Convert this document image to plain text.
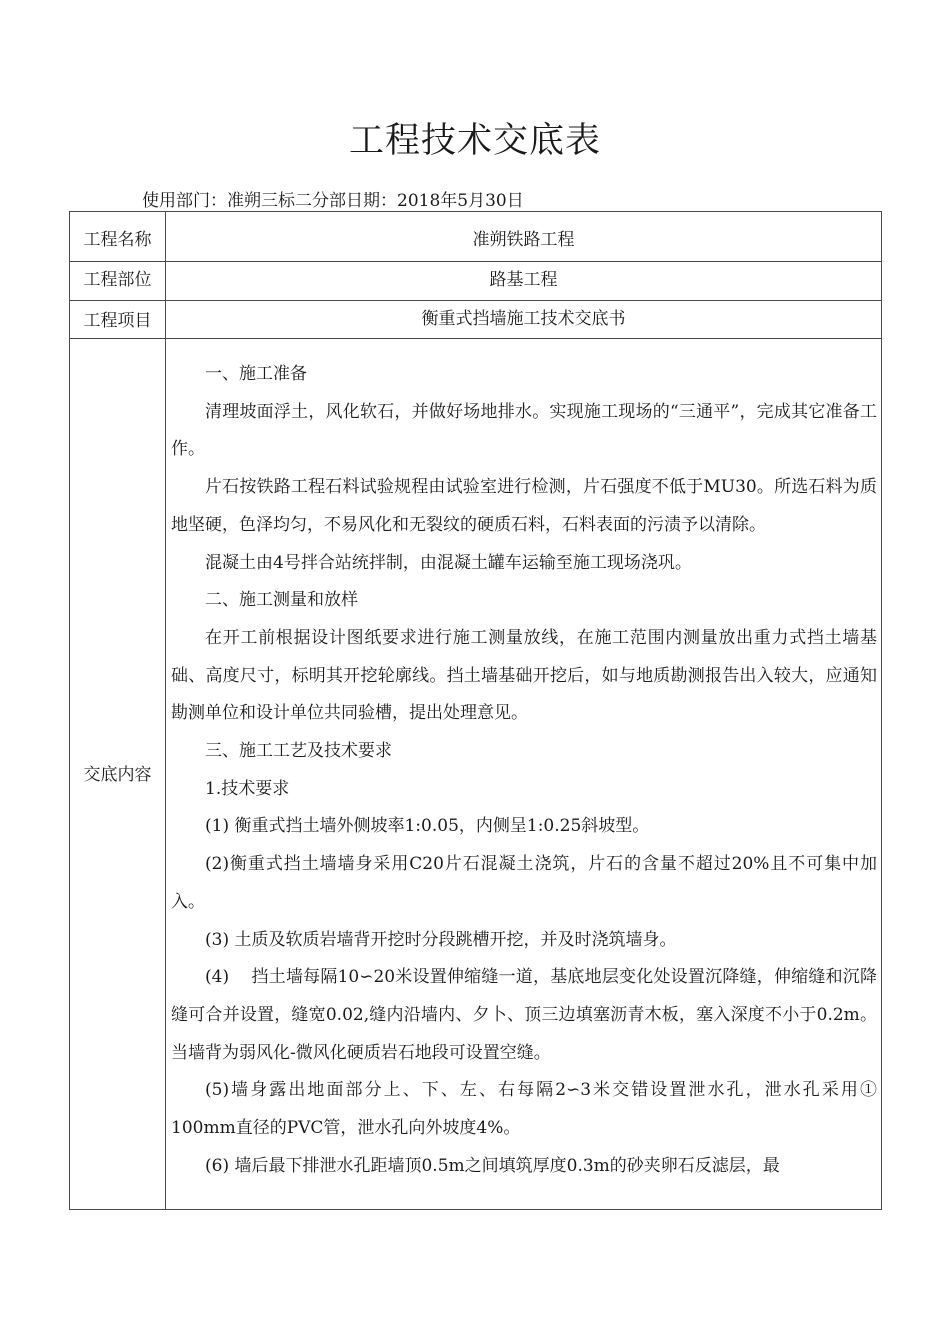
工程技术交底表
使用部门：准朔三标二分部日期：2018年5月30日
工程名称	准朔铁路工程
工程部位	路基工程
工程项目	衡重式挡墙施工技术交底书
交底内容

一、施工准备

清理坡面浮土，风化软石，并做好场地排水。实现施工现场的“三通平”，完成其它准备工作。

片石按铁路工程石料试验规程由试验室进行检测，片石强度不低于MU30。所选石料为质地坚硬，色泽均匀，不易风化和无裂纹的硬质石料，石料表面的污渍予以清除。

混凝土由4号拌合站统拌制，由混凝土罐车运输至施工现场浇巩。

二、施工测量和放样

在开工前根据设计图纸要求进行施工测量放线，在施工范围内测量放出重力式挡土墙基础、高度尺寸，标明其开挖轮廓线。挡土墙基础开挖后，如与地质勘测报告出入较大，应通知勘测单位和设计单位共同验槽，提出处理意见。

三、施工工艺及技术要求

1.技术要求

(1) 衡重式挡土墙外侧坡率1:0.05，内侧呈1:0.25斜坡型。

(2)衡重式挡土墙墙身采用C20片石混凝土浇筑，片石的含量不超过20%且不可集中加入。

(3) 土质及软质岩墙背开挖时分段跳槽开挖，并及时浇筑墙身。

(4)    挡土墙每隔10∽20米设置伸缩缝一道，基底地层变化处设置沉降缝，伸缩缝和沉降缝可合并设置，缝宽0.02,缝内沿墙内、夕卜、顶三边填塞沥青木板，塞入深度不小于0.2m。当墙背为弱风化-微风化硬质岩石地段可设置空缝。

(5)墙身露出地面部分上、下、左、右每隔2∽3米交错设置泄水孔，泄水孔采用① 100mm直径的PVC管，泄水孔向外坡度4%。

(6) 墙后最下排泄水孔距墙顶0.5m之间填筑厚度0.3m的砂夹卵石反滤层，最
